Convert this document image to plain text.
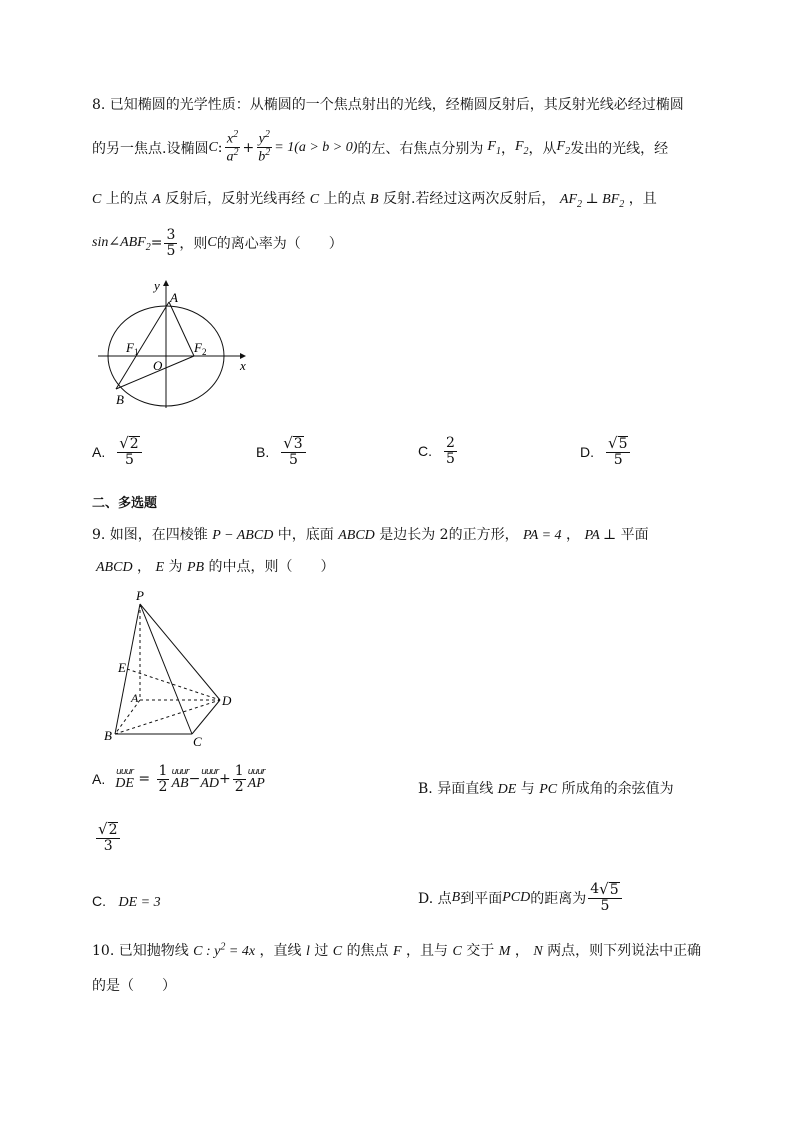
8. 已知椭圆的光学性质：从椭圆的一个焦点射出的光线，经椭圆反射后，其反射光线必经过椭圆
的另一焦点.设椭圆 C : $\frac{x^2}{a^2} + \frac{y^2}{b^2} = 1(a > b > 0)$ 的左、右焦点分别为 $F_1$ ， $F_2$ ，从 $F_2$ 发出的光线，经
C 上的点 A 反射后，反射光线再经 C 上的点 B 反射.若经过这两次反射后， $AF_2$ ⊥ $BF_2$ ，且
$\sin\angle ABF_2 = \frac{3}{5}$ ，则 C 的离心率为（　　）
y
A
$F_1$	$F_2$
O	x
B
A. $\frac{√ 2}{5}$	B. $\frac{√ 3}{5}$	C. $\frac{2}{5}$	D. $\frac{√ 5}{5}$
二、多选题
9. 如图，在四棱锥 P − ABCD 中，底面 ABCD 是边长为 2的正方形， PA = 4 ， PA ⊥ 平面
ABCD ， E 为 PB 的中点，则（　　）
P
E
A	D
B	C
A. uuur
DE = $\frac{1}{2}$ uuur
AB − uuur
AD + $\frac{1}{2}$ uuur
AP	B. 异面直线 DE 与 PC 所成角的余弦值为
$\frac{√ 2}{3}$
C. DE = 3	D. 点 B 到平面 PCD 的距离为 $\frac{4 √ 5}{5}$
10. 已知抛物线 C : $y^2 = 4x$ ，直线 l 过 C 的焦点 F ，且与 C 交于 M ， N 两点，则下列说法中正确
的是（　　）
